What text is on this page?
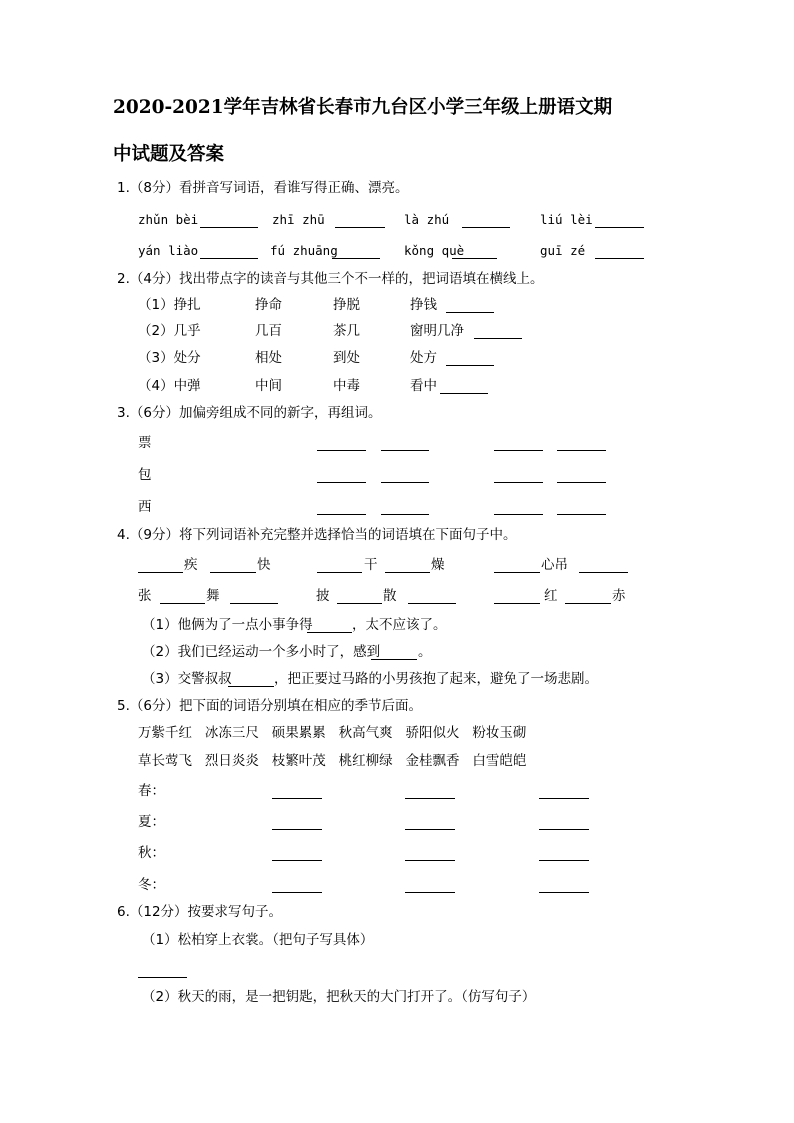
2020-2021学年吉林省长春市九台区小学三年级上册语文期
中试题及答案
1.（8分）看拼音写词语，看谁写得正确、漂亮。
zhǔn bèi	zhī zhū	là zhú	liú lèi
yán liào	fú zhuāng	kǒng què	guī zé
2.（4分）找出带点字的读音与其他三个不一样的，把词语填在横线上。
（1）挣扎	挣命	挣脱	挣钱
（2）几乎	几百	茶几	窗明几净
（3）处分	相处	到处	处方
（4）中弹	中间	中毒	看中
3.（6分）加偏旁组成不同的新字，再组词。
票
包
西
4.（9分）将下列词语补充完整并选择恰当的词语填在下面句子中。
疾	快	干	燥	心吊
张	舞	披	散	红	赤
（1）他俩为了一点小事争得	，太不应该了。
（2）我们已经运动一个多小时了，感到	。
（3）交警叔叔	，把正要过马路的小男孩抱了起来，避免了一场悲剧。
5.（6分）把下面的词语分别填在相应的季节后面。
万紫千红   冰冻三尺   硕果累累   秋高气爽   骄阳似火   粉妆玉砌
草长莺飞   烈日炎炎   枝繁叶茂   桃红柳绿   金桂飘香   白雪皑皑
春：
夏：
秋：
冬：
6.（12分）按要求写句子。
（1）松柏穿上衣裳。（把句子写具体）
（2）秋天的雨，是一把钥匙，把秋天的大门打开了。（仿写句子）
